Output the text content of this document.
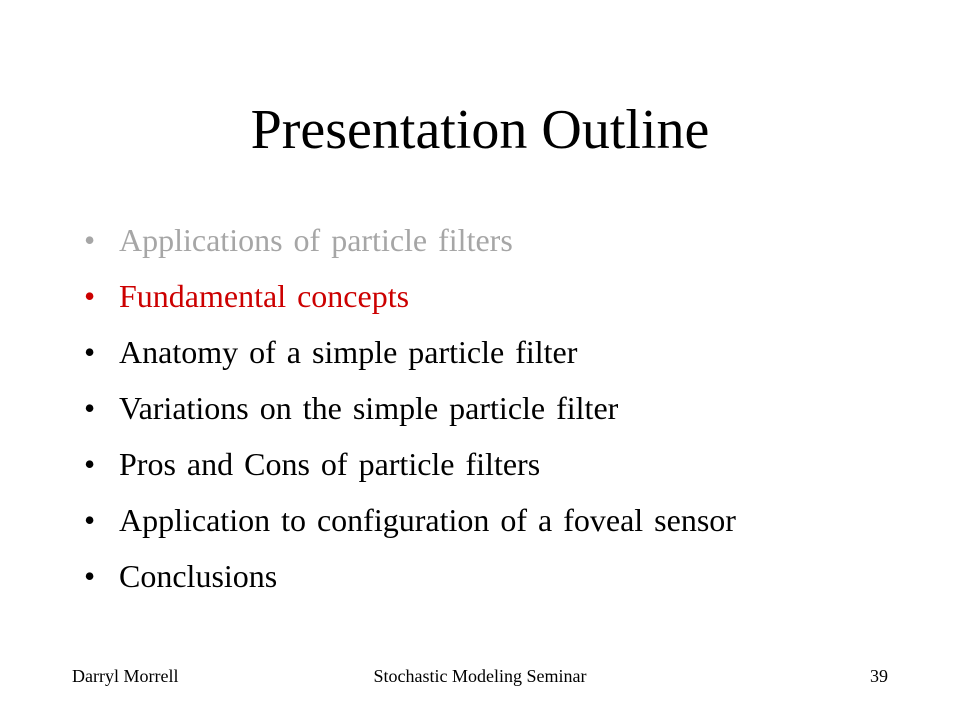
Presentation Outline
• Applications of particle filters
• Fundamental concepts
• Anatomy of a simple particle filter
• Variations on the simple particle filter
• Pros and Cons of particle filters
• Application to configuration of a foveal sensor
• Conclusions
Stochastic Modeling Seminar
Darryl Morrell	39
